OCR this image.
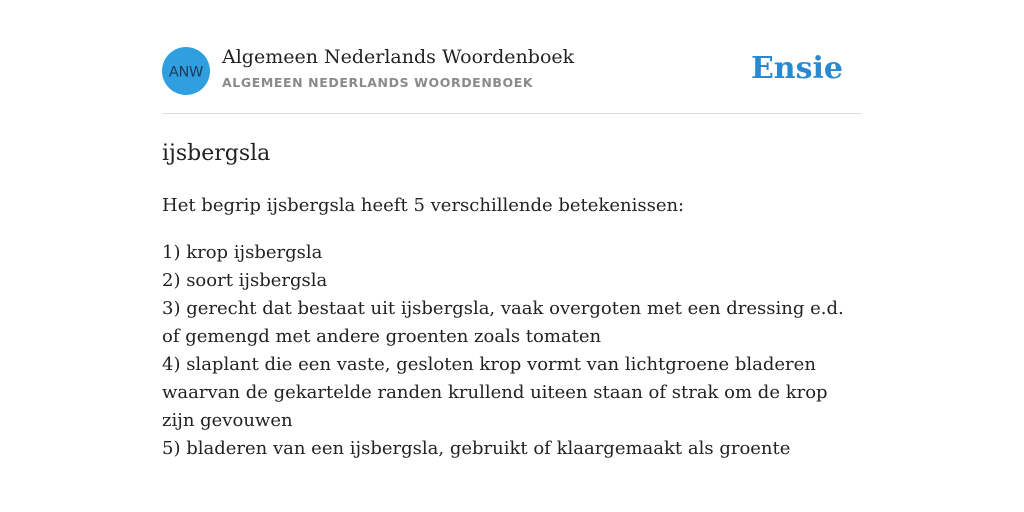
ANW
Algemeen Nederlands Woordenboek
ALGEMEEN NEDERLANDS WOORDENBOEK	Ensie
ijsbergsla
Het begrip ijsbergsla heeft 5 verschillende betekenissen:
1) krop ijsbergsla
2) soort ijsbergsla
3) gerecht dat bestaat uit ijsbergsla, vaak overgoten met een dressing e.d. of gemengd met andere groenten zoals tomaten
4) slaplant die een vaste, gesloten krop vormt van lichtgroene bladeren waarvan de gekartelde randen krullend uiteen staan of strak om de krop zijn gevouwen
5) bladeren van een ijsbergsla, gebruikt of klaargemaakt als groente
